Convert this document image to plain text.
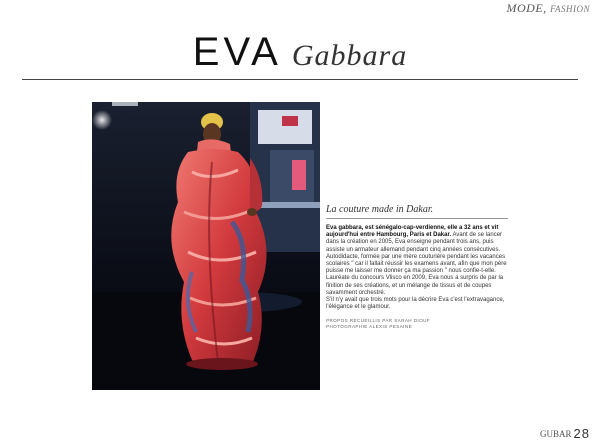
MODE, FASHION
EVA Gabbara
La couture made in Dakar.

Eva gabbara, est sénégalo-cap-verdienne, elle a 32 ans et vit aujourd'hui entre Hambourg, Paris et Dakar. Avant de se lancer dans la création en 2005, Eva enseigne pendant trois ans, puis assiste un armateur allemand pendant cinq années consécutives.

Autodidacte, formée par une mère couturière pendant les vacances scolaires " car il fallait réussir les examens avant, afin que mon père puisse me laisser me donner ça ma passion " nous confie-t-elle. Lauréate du concours Vlisco en 2009, Eva nous a surpris de par la finition de ses créations, et un mélange de tissus et de coupes savamment orchestré.

S'il n'y avait que trois mots pour la décrire Eva c'est l'extravagance, l'élégance et le glamour.

PROPOS RECUEILLIS PAR SARAH DIOUF
PHOTOGRAPHIE ALEXIS PESAINE
GUBAR 28
